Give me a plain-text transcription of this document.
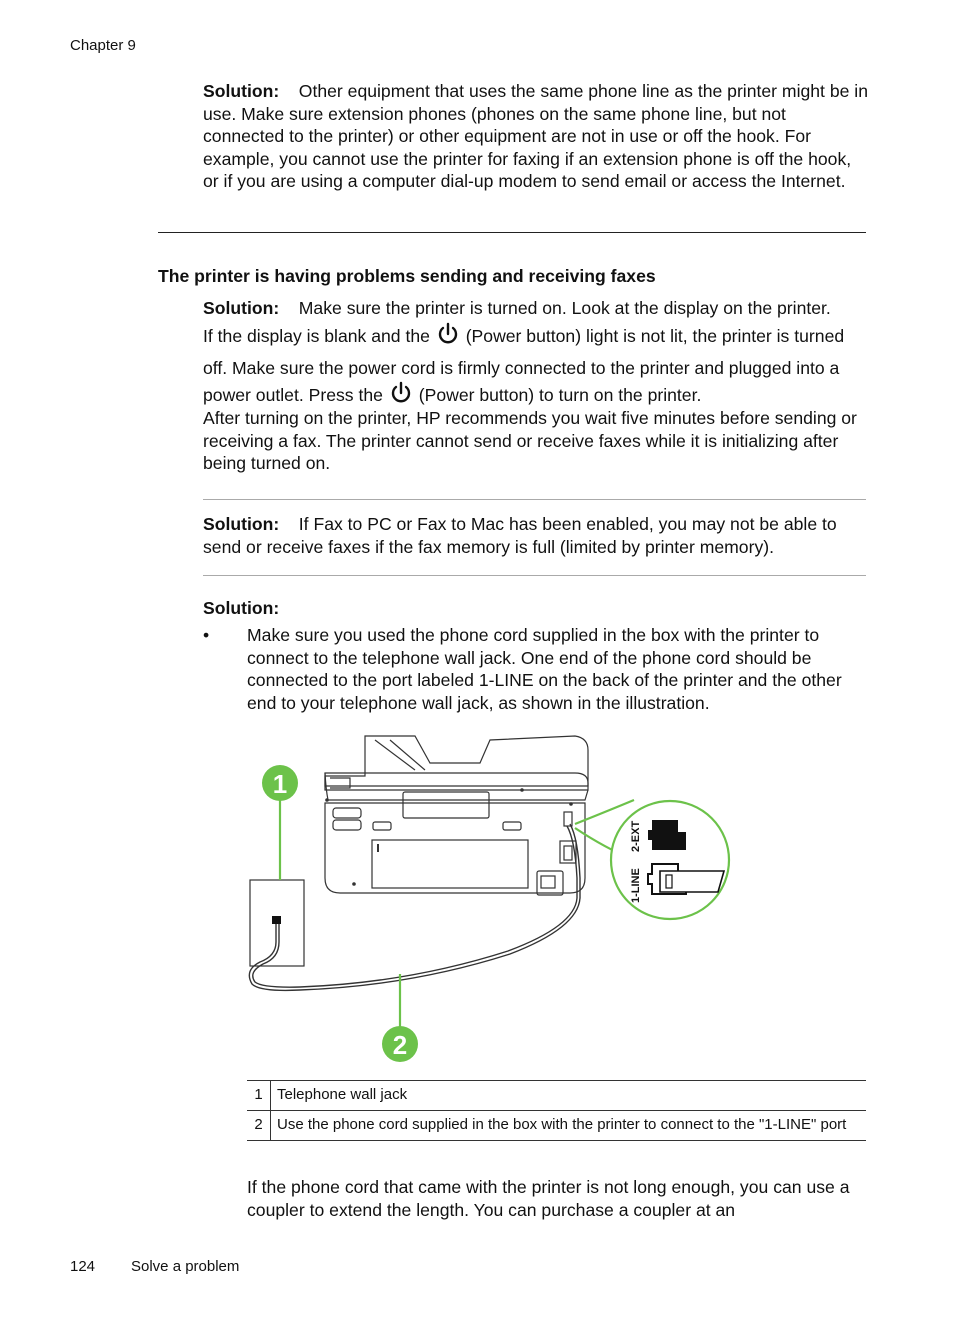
Chapter 9
Solution: Other equipment that uses the same phone line as the printer might be in use. Make sure extension phones (phones on the same phone line, but not connected to the printer) or other equipment are not in use or off the hook. For example, you cannot use the printer for faxing if an extension phone is off the hook, or if you are using a computer dial-up modem to send email or access the Internet.
The printer is having problems sending and receiving faxes
Solution: Make sure the printer is turned on. Look at the display on the printer.
If the display is blank and the (Power button) light is not lit, the printer is turned off. Make sure the power cord is firmly connected to the printer and plugged into a power outlet. Press the (Power button) to turn on the printer.
After turning on the printer, HP recommends you wait five minutes before sending or receiving a fax. The printer cannot send or receive faxes while it is initializing after being turned on.
Solution: If Fax to PC or Fax to Mac has been enabled, you may not be able to send or receive faxes if the fax memory is full (limited by printer memory).
Solution:
• Make sure you used the phone cord supplied in the box with the printer to connect to the telephone wall jack. One end of the phone cord should be connected to the port labeled 1-LINE on the back of the printer and the other end to your telephone wall jack, as shown in the illustration.
1-LINE
2-EXT
1
2
1	Telephone wall jack
2	Use the phone cord supplied in the box with the printer to connect to the "1-LINE" port
If the phone cord that came with the printer is not long enough, you can use a coupler to extend the length. You can purchase a coupler at an
124 Solve a problem
